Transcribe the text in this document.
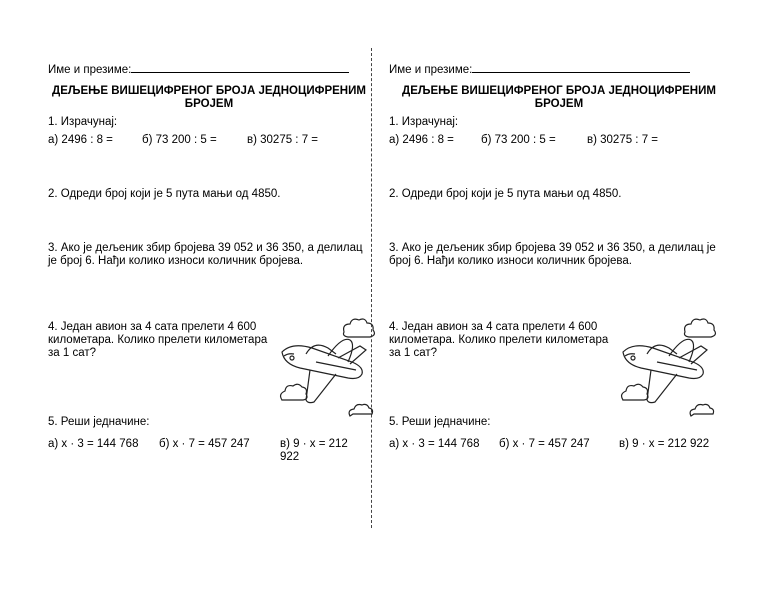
Име и презиме:
ДЕЉЕЊЕ ВИШЕЦИФРЕНОГ БРОЈА ЈЕДНОЦИФРЕНИМ БРОЈЕМ
1. Израчунај:
а) 2496 : 8 =	б) 73 200 : 5 =	в) 30275 : 7 =
2. Одреди број који је 5 пута мањи од 4850.
3. Ако је дељеник збир бројева 39 052 и 36 350, а делилац је број 6. Нађи колико износи количник бројева.
4. Један авион за 4 сата прелети 4 600 километара. Колико прелети километара за 1 сат?
5. Реши једначине:
а) x · 3 = 144 768 б) x · 7 = 457 247	в) 9 · x = 212 922
Име и презиме:
ДЕЉЕЊЕ ВИШЕЦИФРЕНОГ БРОЈА ЈЕДНОЦИФРЕНИМ БРОЈЕМ
1. Израчунај:
а) 2496 : 8 = б) 73 200 : 5 =	в) 30275 : 7 =
2. Одреди број који је 5 пута мањи од 4850.
3. Ако је дељеник збир бројева 39 052 и 36 350, а делилац је број 6. Нађи колико износи количник бројева.
4. Један авион за 4 сата прелети 4 600 километара. Колико прелети километара за 1 сат?
5. Реши једначине:
а) x · 3 = 144 768 б) x · 7 = 457 247	в) 9 · x = 212 922
